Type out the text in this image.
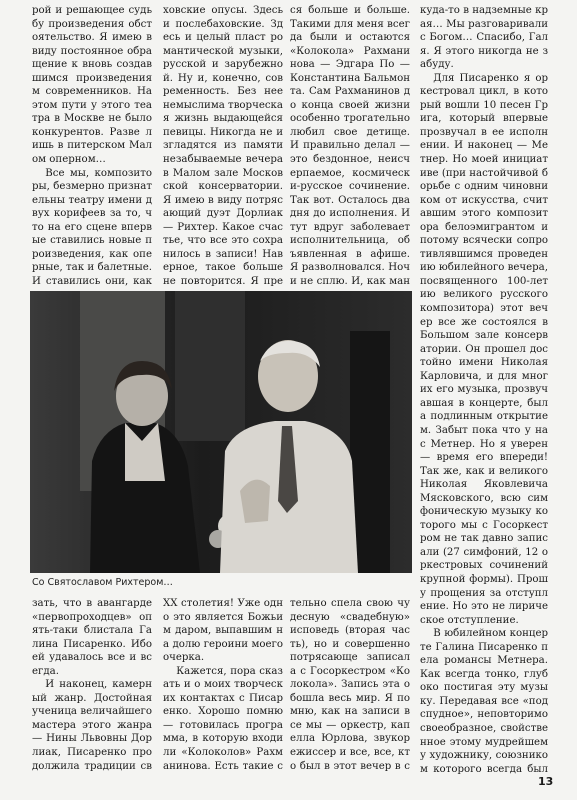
рой и решающее судьбу произведения обстоятельство. Я имею в виду постоянное обращение к вновь создавшимся произведениям современников. На этом пути у этого театра в Москве не было конкурентов. Разве лишь в питерском Малом оперном…

Все мы, композиторы, безмерно признательны театру имени двух корифеев за то, что на его сцене впервые ставились новые произведения, как оперные, так и балетные. И ставились они, как

ховские опусы. Здесь и послебаховские. Здесь и целый пласт романтической музыки, русской и зарубежной. Ну и, конечно, современность. Без нее немыслима творческая жизнь выдающейся певицы. Никогда не изгладятся из памяти незабываемые вечера в Малом зале Московской консерватории. Я имею в виду потрясающий дуэт Дорлиак — Рихтер. Какое счастье, что все это сохранилось в записи! Наверное, такое больше не повторится. Я пре

ся больше и больше. Такими для меня всегда были и остаются «Колокола» Рахманинова — Эдгара По — Константина Бальмонта. Сам Рахманинов до конца своей жизни особенно трогательно любил свое детище. И правильно делал — это бездонное, неисчерпаемое, космически-русское сочинение. Так вот. Осталось два дня до исполнения. И тут вдруг заболевает исполнительница, объявленная в афише. Я разволновался. Ночи не сплю. И, как ман

куда-то в надземные края… Мы разговаривали с Богом… Спасибо, Галя. Я этого никогда не забуду.

Для Писаренко я оркестровал цикл, в который вошли 10 песен Грига, который впервые прозвучал в ее исполнении. И наконец — Метнер. Но моей инициативе (при настойчивой борьбе с одним чиновником от искусства, считавшим этого композитора белоэмигрантом и потому всячески сопротивлявшимся проведению юбилейного вечера, посвященного 100-летию великого русского композитора) этот вечер все же состоялся в Большом зале консерватории. Он прошел достойно имени Николая Карловича, и для многих его музыка, прозвучавшая в концерте, была подлинным открытием. Забыт пока что у нас Метнер. Но я уверен — время его впереди! Так же, как и великого Николая Яковлевича Мясковского, всю симфоническую музыку которого мы с Госоркестром не так давно записали (27 симфоний, 12 оркестровых сочинений крупной формы). Прошу прощения за отступление. Но это не лирическое отступление.

В юбилейном концерте Галина Писаренко пела романсы Метнера. Как всегда тонко, глубоко постигая эту музыку. Передавая все «подспудное», неповторимо своеобразное, свойственное этому мудрейшему художнику, союзником которого всегда был

Со Святославом Рихтером…

зать, что в авангарде «первопроходцев» опять-таки блистала Галина Писаренко. Ибо ей удавалось все и всегда.

И наконец, камерный жанр. Достойная ученица величайшего мастера этого жанра — Нины Львовны Дорлиак, Писаренко продолжила традиции св

XX столетия! Уже одно это является Божьим даром, выпавшим на долю героини моего очерка.

Кажется, пора сказать и о моих творческих контактах с Писаренко. Хорошо помню — готовилась программа, в которую входили «Колоколов» Рахманинова. Есть такие с

тельно спела свою чудесную «свадебную» исповедь (вторая часть), но и совершенно потрясающе записала с Госоркестром «Колокола». Запись эта обошла весь мир. Я помню, как на записи все мы — оркестр, капелла Юрлова, звукорежиссер и все, все, кто был в этот вечер в с

13
